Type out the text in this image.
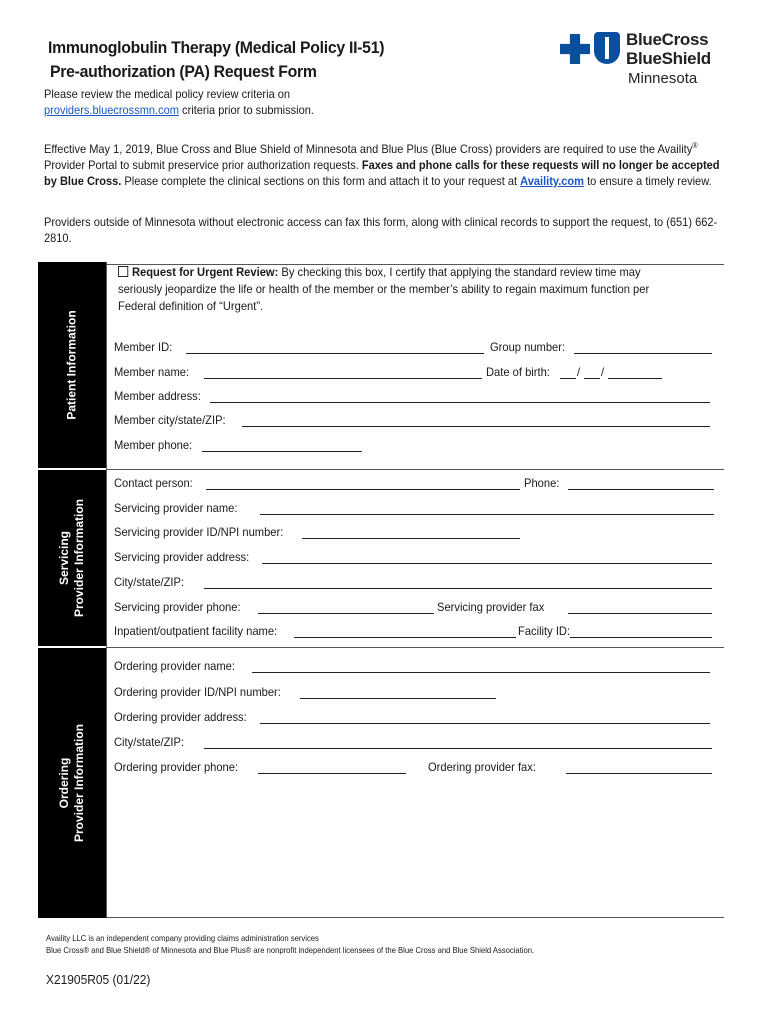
Immunoglobulin Therapy (Medical Policy II-51)
Pre-authorization (PA) Request Form
BlueCross
BlueShield
Minnesota
Please review the medical policy review criteria on
providers.bluecrossmn.com criteria prior to submission.
Effective May 1, 2019, Blue Cross and Blue Shield of Minnesota and Blue Plus (Blue Cross) providers are required to use the Availity® Provider Portal to submit preservice prior authorization requests. Faxes and phone calls for these requests will no longer be accepted by Blue Cross. Please complete the clinical sections on this form and attach it to your request at Availity.com to ensure a timely review.
Providers outside of Minnesota without electronic access can fax this form, along with clinical records to support the request, to (651) 662-2810.
Patient Information
Servicing
Provider Information
Ordering
Provider Information
Request for Urgent Review: By checking this box, I certify that applying the standard review time may seriously jeopardize the life or health of the member or the member’s ability to regain maximum function per Federal definition of “Urgent”.
Member ID:	Group number:
Member name:	Date of birth: / /
Member address:
Member city/state/ZIP:
Member phone:
Contact person:	Phone:
Servicing provider name:
Servicing provider ID/NPI number:
Servicing provider address:
City/state/ZIP:
Servicing provider phone:	Servicing provider fax
Inpatient/outpatient facility name:	Facility ID:
Ordering provider name:
Ordering provider ID/NPI number:
Ordering provider address:
City/state/ZIP:
Ordering provider phone:	Ordering provider fax:
Availity LLC is an independent company providing claims administration services
Blue Cross® and Blue Shield® of Minnesota and Blue Plus® are nonprofit independent licensees of the Blue Cross and Blue Shield Association.
X21905R05 (01/22)
